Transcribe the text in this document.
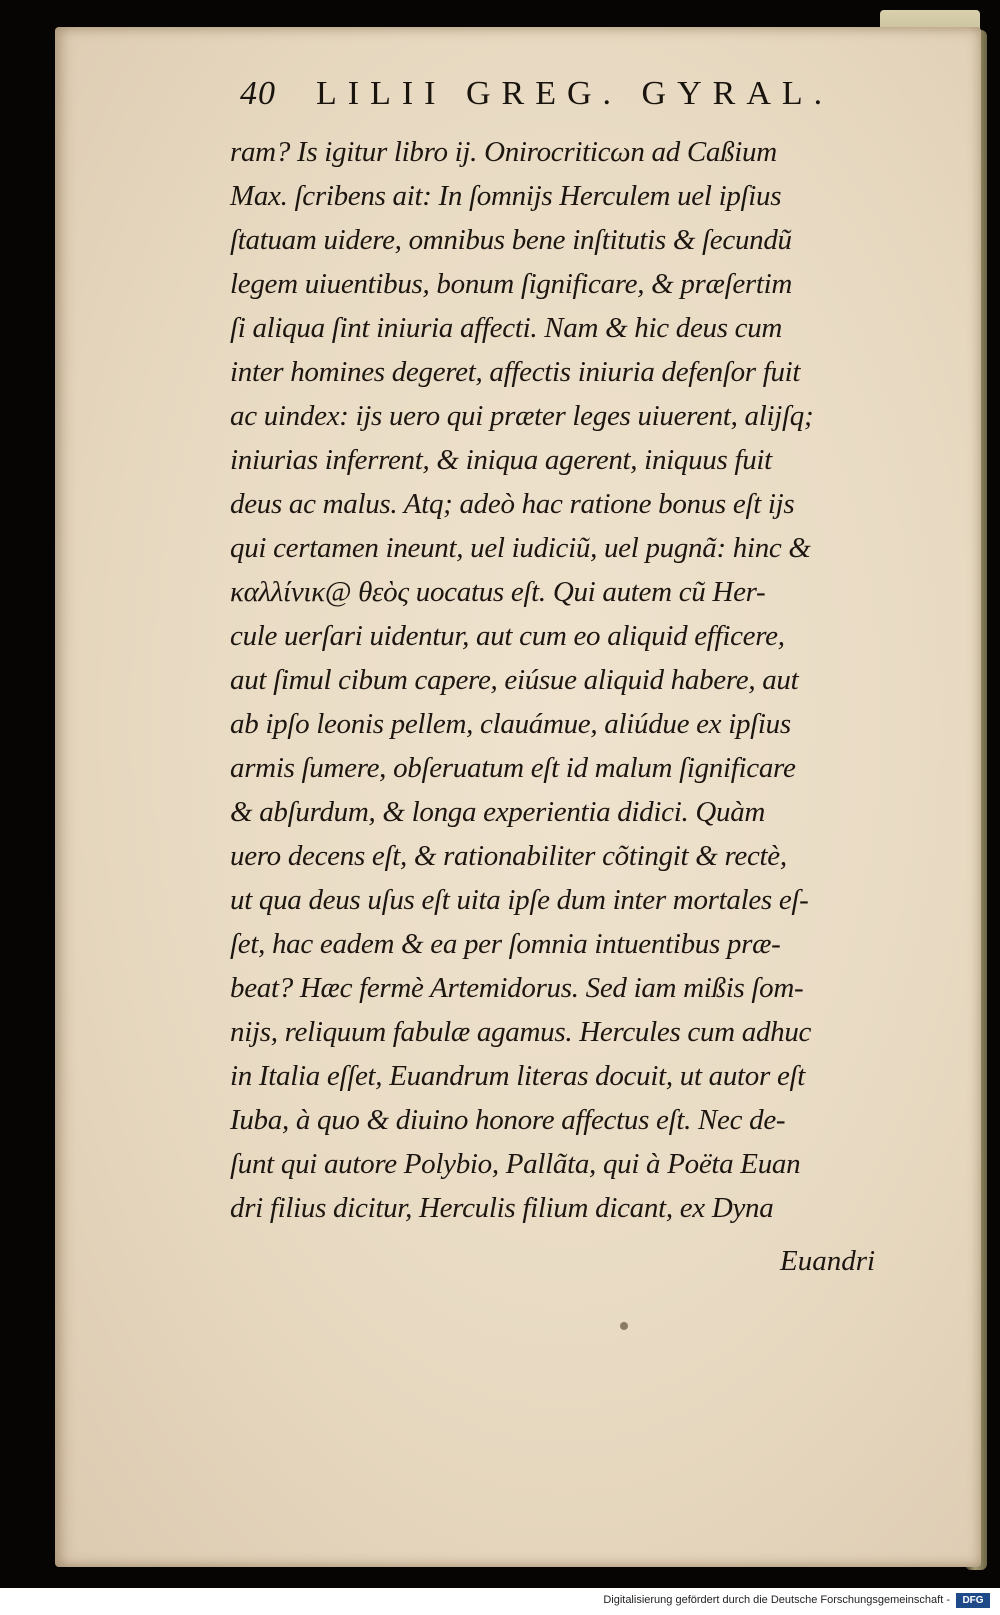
40 LILII GREG. GYRAL.
ram? Is igitur libro ij. Onirocriticωn ad Caßium
Max. ſcribens ait: In ſomnijs Herculem uel ipſius
ſtatuam uidere, omnibus bene inſtitutis & ſecundũ
legem uiuentibus, bonum ſignificare, & præſertim
ſi aliqua ſint iniuria affecti. Nam & hic deus cum
inter homines degeret, affectis iniuria defenſor fuit
ac uindex: ijs uero qui præter leges uiuerent, alijſq;
iniurias inferrent, & iniqua agerent, iniquus fuit
deus ac malus. Atq; adeò hac ratione bonus eſt ijs
qui certamen ineunt, uel iudiciũ, uel pugnã: hinc &
καλλίνικ@ θεὸς uocatus eſt. Qui autem cũ Her-
cule uerſari uidentur, aut cum eo aliquid efficere,
aut ſimul cibum capere, eiúsue aliquid habere, aut
ab ipſo leonis pellem, clauámue, aliúdue ex ipſius
armis ſumere, obſeruatum eſt id malum ſignificare
& abſurdum, & longa experientia didici. Quàm
uero decens eſt, & rationabiliter cõtingit & rectè,
ut qua deus uſus eſt uita ipſe dum inter mortales eſ-
ſet, hac eadem & ea per ſomnia intuentibus præ-
beat? Hæc fermè Artemidorus. Sed iam mißis ſom-
nijs, reliquum fabulæ agamus. Hercules cum adhuc
in Italia eſſet, Euandrum literas docuit, ut autor eſt
Iuba, à quo & diuino honore affectus eſt. Nec de-
ſunt qui autore Polybio, Pallãta, qui à Poëta Euan
dri filius dicitur, Herculis filium dicant, ex Dyna
Euandri
Digitalisierung gefördert durch die Deutsche Forschungsgemeinschaft -	DFG
